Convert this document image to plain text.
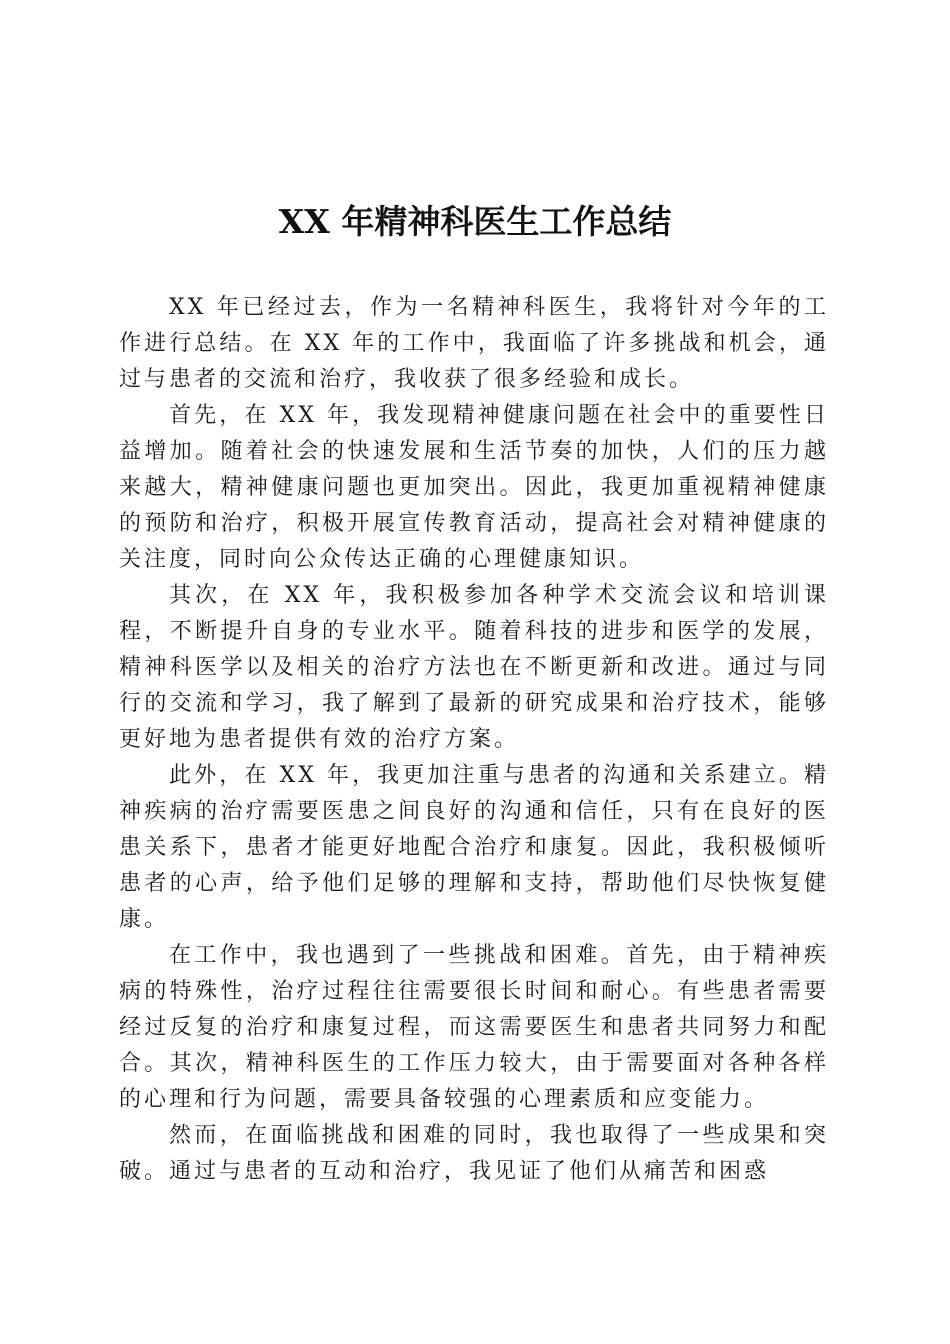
XX 年精神科医生工作总结

XX 年已经过去，作为一名精神科医生，我将针对今年的工作进行总结。在 XX 年的工作中，我面临了许多挑战和机会，通过与患者的交流和治疗，我收获了很多经验和成长。

首先，在 XX 年，我发现精神健康问题在社会中的重要性日益增加。随着社会的快速发展和生活节奏的加快，人们的压力越来越大，精神健康问题也更加突出。因此，我更加重视精神健康的预防和治疗，积极开展宣传教育活动，提高社会对精神健康的关注度，同时向公众传达正确的心理健康知识。

其次，在 XX 年，我积极参加各种学术交流会议和培训课程，不断提升自身的专业水平。随着科技的进步和医学的发展，精神科医学以及相关的治疗方法也在不断更新和改进。通过与同行的交流和学习，我了解到了最新的研究成果和治疗技术，能够更好地为患者提供有效的治疗方案。

此外，在 XX 年，我更加注重与患者的沟通和关系建立。精神疾病的治疗需要医患之间良好的沟通和信任，只有在良好的医患关系下，患者才能更好地配合治疗和康复。因此，我积极倾听患者的心声，给予他们足够的理解和支持，帮助他们尽快恢复健康。

在工作中，我也遇到了一些挑战和困难。首先，由于精神疾病的特殊性，治疗过程往往需要很长时间和耐心。有些患者需要经过反复的治疗和康复过程，而这需要医生和患者共同努力和配合。其次，精神科医生的工作压力较大，由于需要面对各种各样的心理和行为问题，需要具备较强的心理素质和应变能力。

然而，在面临挑战和困难的同时，我也取得了一些成果和突破。通过与患者的互动和治疗，我见证了他们从痛苦和困惑
